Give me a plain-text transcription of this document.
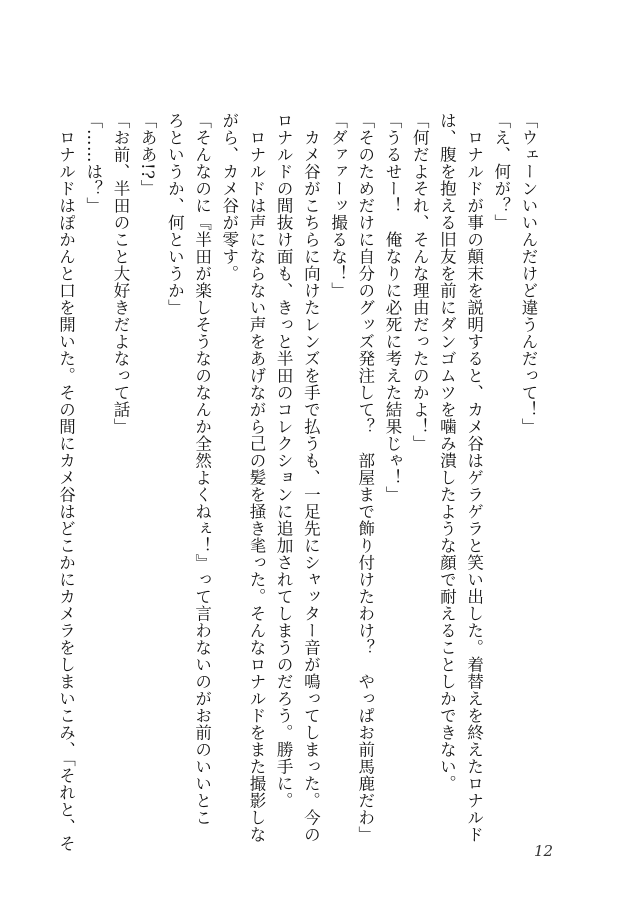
「ウェーンいいんだけど違うんだって！」
「え、何が？」
　ロナルドが事の顛末を説明すると、カメ谷はゲラゲラと笑い出した。着替えを終えたロナルド
は、腹を抱える旧友を前にダンゴムツを噛み潰したような顔で耐えることしかできない。
「何だよそれ、そんな理由だったのかよ！」
「うるせー！　俺なりに必死に考えた結果じゃ！」
「そのためだけに自分のグッズ発注して？　部屋まで飾り付けたわけ？　やっぱお前馬鹿だわ」
「ダァァーッ撮るな！」
　カメ谷がこちらに向けたレンズを手で払うも、一足先にシャッター音が鳴ってしまった。今の
ロナルドの間抜け面も、きっと半田のコレクションに追加されてしまうのだろう。勝手に。
　ロナルドは声にならない声をあげながら己の髪を掻き毟った。そんなロナルドをまた撮影しな
がら、カメ谷が零す。
「そんなのに『半田が楽しそうなのなんか全然よくねぇ！』って言わないのがお前のいいとこ
ろというか、何というか」
「ああ!?」
「お前、半田のこと大好きだよなって話」
「……は？」
　ロナルドはぽかんと口を開いた。その間にカメ谷はどこかにカメラをしまいこみ、「それと、そ	12
